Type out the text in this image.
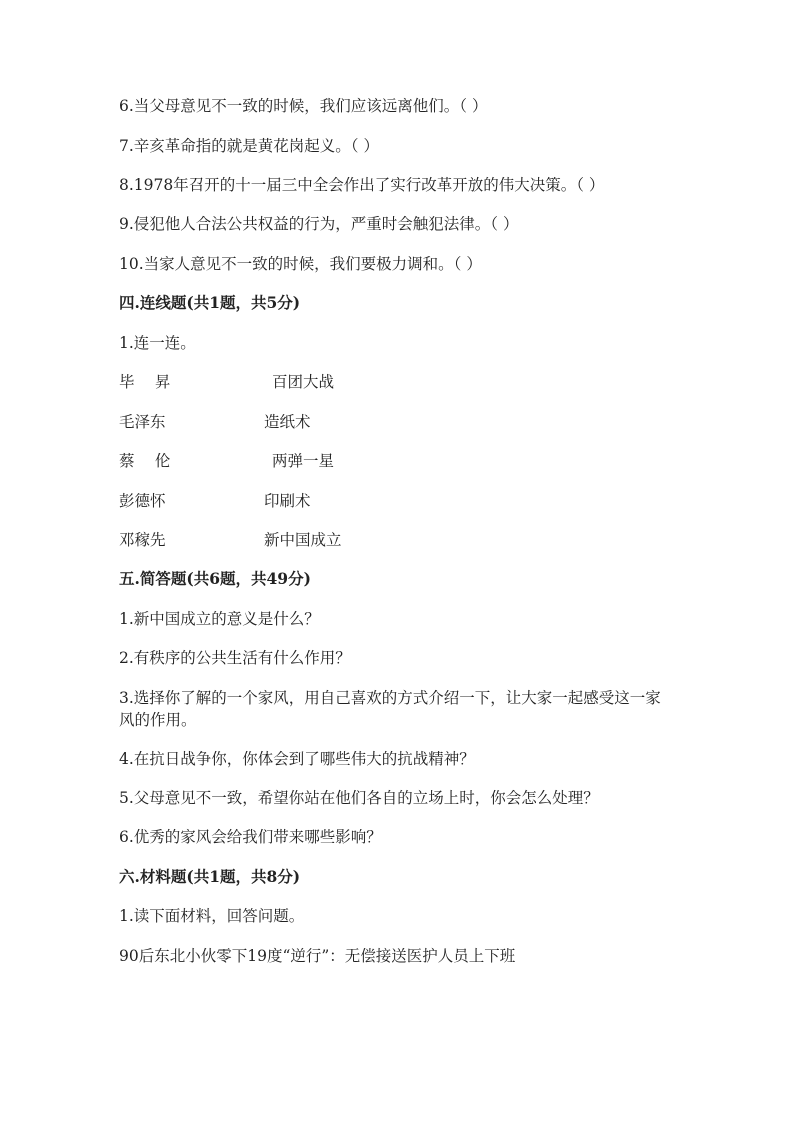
6.当父母意见不一致的时候，我们应该远离他们。（ ）
7.辛亥革命指的就是黄花岗起义。（ ）
8.1978年召开的十一届三中全会作出了实行改革开放的伟大决策。（ ）
9.侵犯他人合法公共权益的行为，严重时会触犯法律。（ ）
10.当家人意见不一致的时候，我们要极力调和。（ ）
四.连线题(共1题，共5分)
1.连一连。
毕　 昇	百团大战
毛泽东	造纸术
蔡　 伦	两弹一星
彭德怀	印刷术
邓稼先	新中国成立
五.简答题(共6题，共49分)
1.新中国成立的意义是什么？
2.有秩序的公共生活有什么作用？
3.选择你了解的一个家风，用自己喜欢的方式介绍一下，让大家一起感受这一家风的作用。
4.在抗日战争你，你体会到了哪些伟大的抗战精神？
5.父母意见不一致，希望你站在他们各自的立场上时，你会怎么处理？
6.优秀的家风会给我们带来哪些影响？
六.材料题(共1题，共8分)
1.读下面材料，回答问题。
90后东北小伙零下19度“逆行”：无偿接送医护人员上下班
